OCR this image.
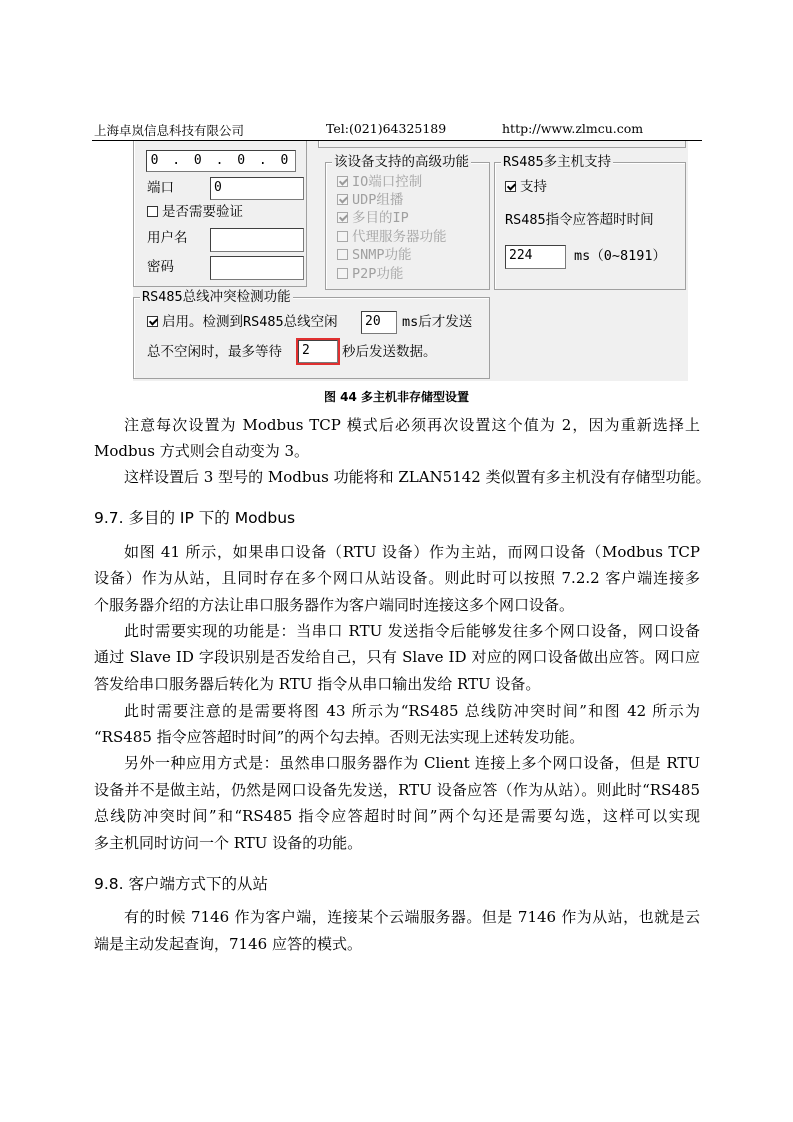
上海卓岚信息科技有限公司	Tel:(021)64325189	http://www.zlmcu.com
0 . 0 . 0 . 0
端口	0
是否需要验证
用户名
密码
该设备支持的高级功能
IO端口控制
UDP组播
多目的IP
代理服务器功能
SNMP功能
P2P功能
RS485多主机支持
支持
RS485指令应答超时时间
224	ms（0~8191）
RS485总线冲突检测功能
启用。检测到RS485总线空闲	20	ms后才发送
总不空闲时，最多等待	2	秒后发送数据。
图 44 多主机非存储型设置
注意每次设置为 Modbus TCP 模式后必须再次设置这个值为 2，因为重新选择上
Modbus 方式则会自动变为 3。
这样设置后 3 型号的 Modbus 功能将和 ZLAN5142 类似置有多主机没有存储型功能。
9.7. 多目的 IP 下的 Modbus
如图 41 所示，如果串口设备（RTU 设备）作为主站，而网口设备（Modbus TCP
设备）作为从站，且同时存在多个网口从站设备。则此时可以按照 7.2.2 客户端连接多
个服务器介绍的方法让串口服务器作为客户端同时连接这多个网口设备。
此时需要实现的功能是：当串口 RTU 发送指令后能够发往多个网口设备，网口设备
通过 Slave ID 字段识别是否发给自己，只有 Slave ID 对应的网口设备做出应答。网口应
答发给串口服务器后转化为 RTU 指令从串口输出发给 RTU 设备。
此时需要注意的是需要将图 43 所示为“RS485 总线防冲突时间”和图 42 所示为
“RS485 指令应答超时时间”的两个勾去掉。否则无法实现上述转发功能。
另外一种应用方式是：虽然串口服务器作为 Client 连接上多个网口设备，但是 RTU
设备并不是做主站，仍然是网口设备先发送，RTU 设备应答（作为从站）。则此时“RS485
总线防冲突时间”和“RS485 指令应答超时时间”两个勾还是需要勾选，这样可以实现
多主机同时访问一个 RTU 设备的功能。
9.8. 客户端方式下的从站
有的时候 7146 作为客户端，连接某个云端服务器。但是 7146 作为从站，也就是云
端是主动发起查询，7146 应答的模式。
